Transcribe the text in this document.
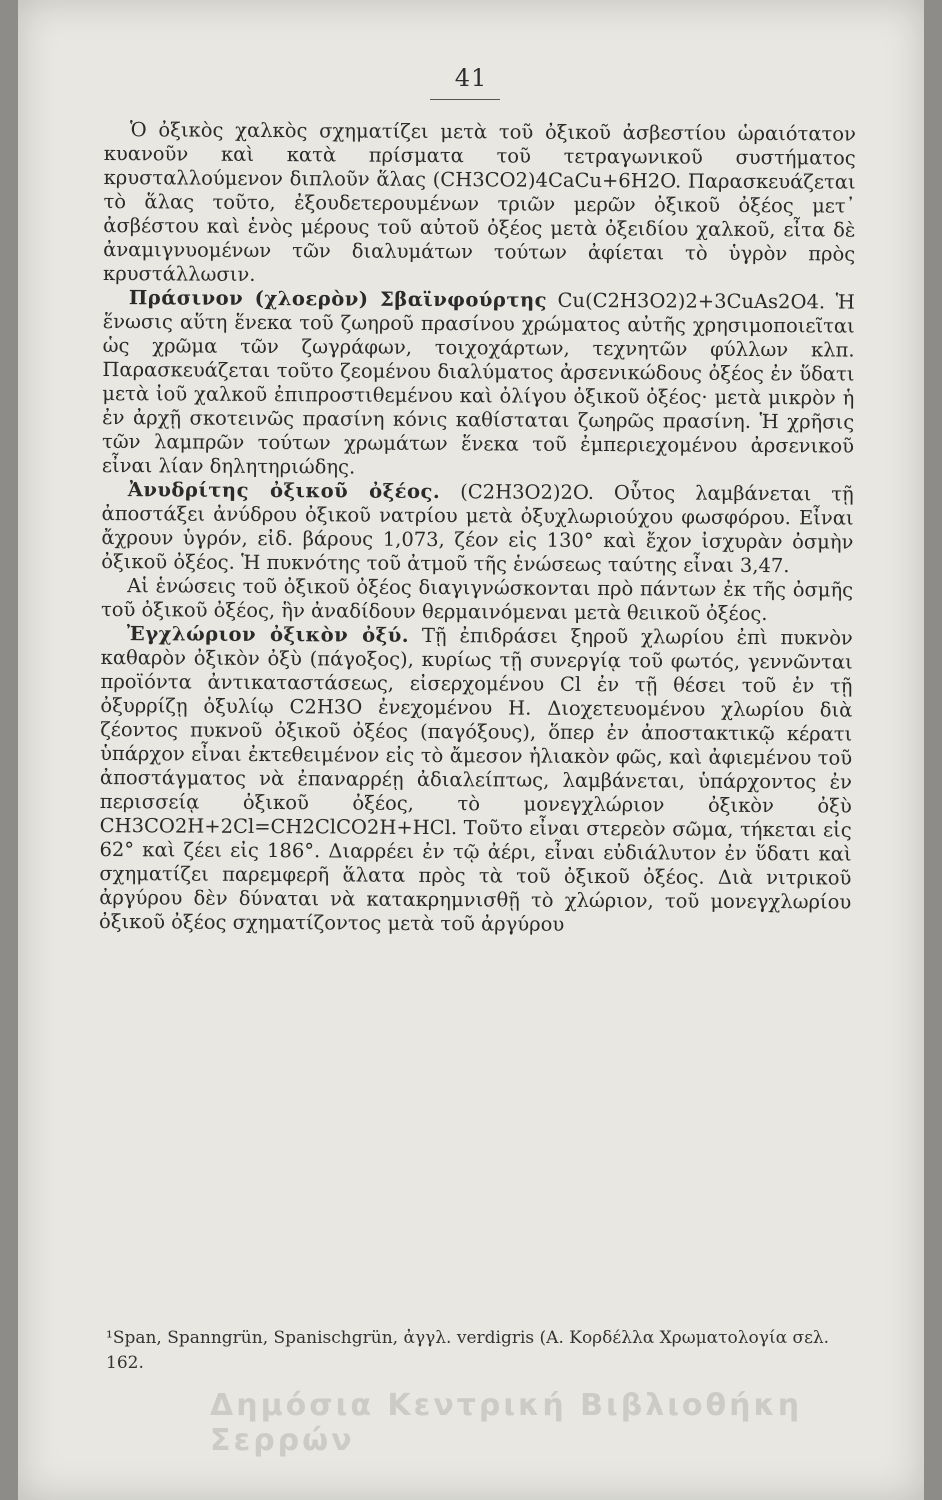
41

Ὁ ὀξικὸς χαλκὸς σχηματίζει μετὰ τοῦ ὀξικοῦ ἀσβεστίου ὡραιότατον κυανοῦν καὶ κατὰ πρίσματα τοῦ τετραγωνικοῦ συστήματος κρυσταλλούμενον διπλοῦν ἅλας (CH3CO2)4CaCu+6H2O. Παρασκευάζεται τὸ ἅλας τοῦτο, ἐξουδετερουμένων τριῶν μερῶν ὀξικοῦ ὀξέος μετ᾽ ἀσβέστου καὶ ἑνὸς μέρους τοῦ αὐτοῦ ὀξέος μετὰ ὀξειδίου χαλκοῦ, εἶτα δὲ ἀναμιγνυομένων τῶν διαλυμάτων τούτων ἀφίεται τὸ ὑγρὸν πρὸς κρυστάλλωσιν.

Πράσινον (χλοερὸν) Σβαϊνφούρτης Cu(C2H3O2)2+3CuAs2O4. Ἡ ἕνωσις αὕτη ἕνεκα τοῦ ζωηροῦ πρασίνου χρώματος αὐτῆς χρησιμοποιεῖται ὡς χρῶμα τῶν ζωγράφων, τοιχοχάρτων, τεχνητῶν φύλλων κλπ. Παρασκευάζεται τοῦτο ζεομένου διαλύματος ἀρσενικώδους ὀξέος ἐν ὕδατι μετὰ ἰοῦ χαλκοῦ ἐπιπροστιθεμένου καὶ ὀλίγου ὀξικοῦ ὀξέος· μετὰ μικρὸν ἡ ἐν ἀρχῇ σκοτεινῶς πρασίνη κόνις καθίσταται ζωηρῶς πρασίνη. Ἡ χρῆσις τῶν λαμπρῶν τούτων χρωμάτων ἕνεκα τοῦ ἐμπεριεχομένου ἀρσενικοῦ εἶναι λίαν δηλητηριώδης.

Ἀνυδρίτης ὀξικοῦ ὀξέος. (C2H3O2)2O. Οὗτος λαμβάνεται τῇ ἀποστάξει ἀνύδρου ὀξικοῦ νατρίου μετὰ ὀξυχλωριούχου φωσφόρου. Εἶναι ἄχρουν ὑγρόν, εἰδ. βάρους 1,073, ζέον εἰς 130° καὶ ἔχον ἰσχυρὰν ὀσμὴν ὀξικοῦ ὀξέος. Ἡ πυκνότης τοῦ ἀτμοῦ τῆς ἑνώσεως ταύτης εἶναι 3,47.

Αἱ ἑνώσεις τοῦ ὀξικοῦ ὀξέος διαγιγνώσκονται πρὸ πάντων ἐκ τῆς ὀσμῆς τοῦ ὀξικοῦ ὀξέος, ἣν ἀναδίδουν θερμαινόμεναι μετὰ θειικοῦ ὀξέος.

Ἐγχλώριον ὀξικὸν ὀξύ. Τῇ ἐπιδράσει ξηροῦ χλωρίου ἐπὶ πυκνὸν καθαρὸν ὀξικὸν ὀξὺ (πάγοξος), κυρίως τῇ συνεργίᾳ τοῦ φωτός, γεννῶνται προϊόντα ἀντικαταστάσεως, εἰσερχομένου Cl ἐν τῇ θέσει τοῦ ἐν τῇ ὀξυρρίζῃ ὀξυλίῳ C2H3O ἐνεχομένου H. Διοχετευομένου χλωρίου διὰ ζέοντος πυκνοῦ ὀξικοῦ ὀξέος (παγόξους), ὅπερ ἐν ἀποστακτικῷ κέρατι ὑπάρχον εἶναι ἐκτεθειμένον εἰς τὸ ἄμεσον ἡλιακὸν φῶς, καὶ ἀφιεμένου τοῦ ἀποστάγματος νὰ ἐπαναρρέῃ ἀδιαλείπτως, λαμβάνεται, ὑπάρχοντος ἐν περισσείᾳ ὀξικοῦ ὀξέος, τὸ μονεγχλώριον ὀξικὸν ὀξὺ CH3CO2H+2Cl=CH2ClCO2H+HCl. Τοῦτο εἶναι στερεὸν σῶμα, τήκεται εἰς 62° καὶ ζέει εἰς 186°. Διαρρέει ἐν τῷ ἀέρι, εἶναι εὐδιάλυτον ἐν ὕδατι καὶ σχηματίζει παρεμφερῆ ἅλατα πρὸς τὰ τοῦ ὀξικοῦ ὀξέος. Διὰ νιτρικοῦ ἀργύρου δὲν δύναται νὰ κατακρημνισθῇ τὸ χλώριον, τοῦ μονεγχλωρίου ὀξικοῦ ὀξέος σχηματίζοντος μετὰ τοῦ ἀργύρου

¹Span, Spanngrün, Spanischgrün, ἀγγλ. verdigris (Α. Κορδέλλα Χρωματολογία σελ. 162.
Δημόσια Κεντρική Βιβλιοθήκη Σερρών
